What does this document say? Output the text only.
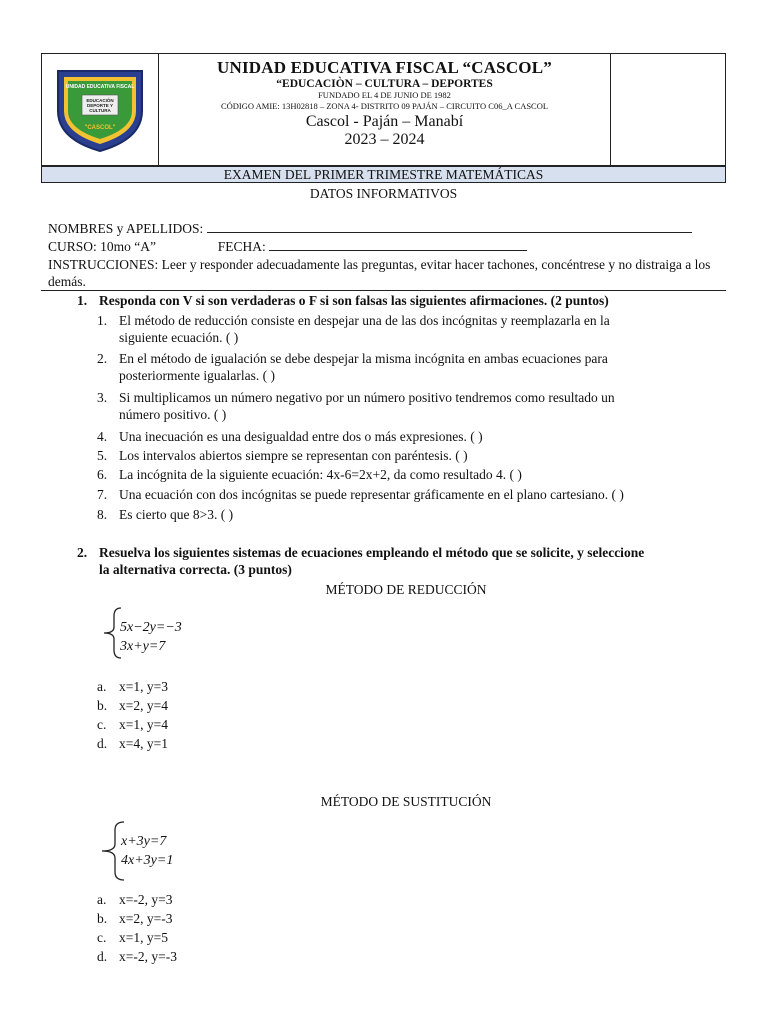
EDUCACIÓN
DEPORTE Y
CULTURA
UNIDAD EDUCATIVA FISCAL
"CASCOL"
UNIDAD EDUCATIVA FISCAL “CASCOL”
“EDUCACIÒN – CULTURA – DEPORTES
FUNDADO EL 4 DE JUNIO DE 1982
CÓDIGO AMIE: 13H02818 – ZONA 4- DISTRITO 09 PAJÁN – CIRCUITO C06_A CASCOL
Cascol - Paján – Manabí
2023 – 2024
EXAMEN DEL PRIMER TRIMESTRE MATEMÁTICAS
DATOS INFORMATIVOS
NOMBRES y APELLIDOS:
CURSO: 10mo “A”	FECHA:
INSTRUCCIONES: Leer y responder adecuadamente las preguntas, evitar hacer tachones, concéntrese y no distraiga a los demás.
1. Responda con V si son verdaderas o F si son falsas las siguientes afirmaciones. (2 puntos)
1. El método de reducción consiste en despejar una de las dos incógnitas y reemplazarla en la
siguiente ecuación. ( )
2. En el método de igualación se debe despejar la misma incógnita en ambas ecuaciones para
posteriormente igualarlas. ( )
3. Si multiplicamos un número negativo por un número positivo tendremos como resultado un
número positivo. ( )
4. Una inecuación es una desigualdad entre dos o más expresiones. ( )
5. Los intervalos abiertos siempre se representan con paréntesis. ( )
6. La incógnita de la siguiente ecuación: 4x-6=2x+2, da como resultado 4. ( )
7. Una ecuación con dos incógnitas se puede representar gráficamente en el plano cartesiano. ( )
8. Es cierto que 8>3. ( )
2. Resuelva los siguientes sistemas de ecuaciones empleando el método que se solicite, y seleccione
la alternativa correcta. (3 puntos)
MÉTODO DE REDUCCIÓN
5x−2y=−3
3x+y=7
a. x=1, y=3
b. x=2, y=4
c. x=1, y=4
d. x=4, y=1
MÉTODO DE SUSTITUCIÓN
x+3y=7
4x+3y=1
a. x=-2, y=3
b. x=2, y=-3
c. x=1, y=5
d. x=-2, y=-3
